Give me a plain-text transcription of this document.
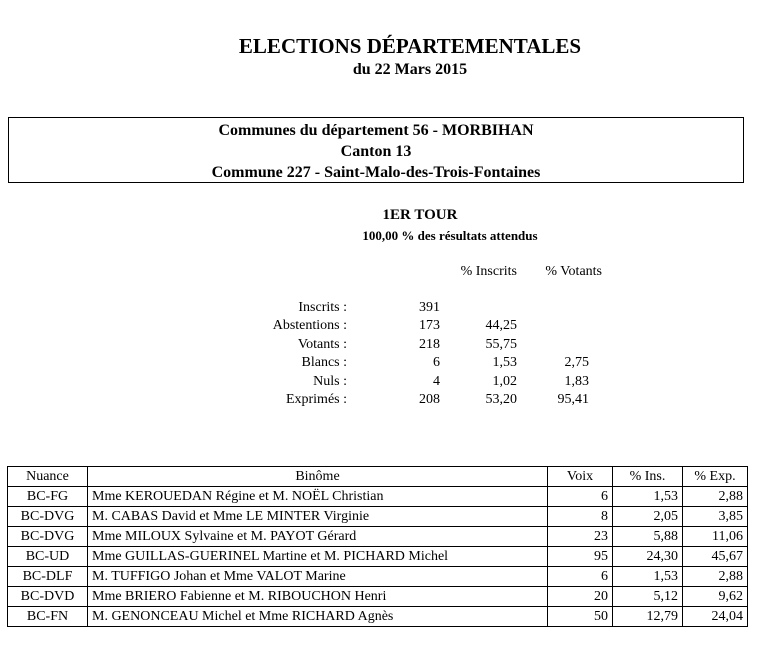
ELECTIONS DÉPARTEMENTALES
du 22 Mars 2015
Communes du département 56 - MORBIHAN
Canton 13
Commune 227 - Saint-Malo-des-Trois-Fontaines
1ER TOUR
100,00 % des résultats attendus
% Inscrits % Votants
Inscrits :	391
Abstentions :	173	44,25
Votants :	218	55,75
Blancs :	6	1,53	2,75
Nuls :	4	1,02	1,83
Exprimés :	208	53,20	95,41
Nuance	Binôme	Voix	% Ins.	% Exp.
BC-FG	Mme KEROUEDAN Régine et M. NOËL Christian	6	1,53	2,88
BC-DVG	M. CABAS David et Mme LE MINTER Virginie	8	2,05	3,85
BC-DVG	Mme MILOUX Sylvaine et M. PAYOT Gérard	23	5,88	11,06
BC-UD	Mme GUILLAS-GUERINEL Martine et M. PICHARD Michel	95	24,30	45,67
BC-DLF	M. TUFFIGO Johan et Mme VALOT Marine	6	1,53	2,88
BC-DVD	Mme BRIERO Fabienne et M. RIBOUCHON Henri	20	5,12	9,62
BC-FN	M. GENONCEAU Michel et Mme RICHARD Agnès	50	12,79	24,04
